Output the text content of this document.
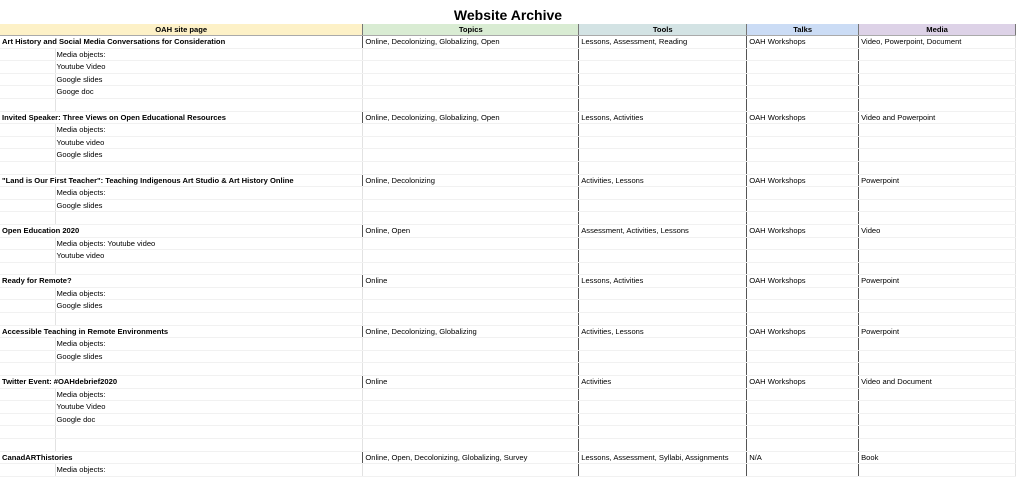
Website Archive
OAH site page		Topics	Tools	Talks	Media
Art History and Social Media Conversations for Consideration		Online, Decolonizing, Globalizing, Open	Lessons, Assessment, Reading	OAH Workshops	Video, Powerpoint, Document
	Media objects:				
	Youtube Video				
	Google slides				
	Googe doc				

Invited Speaker: Three Views on Open Educational Resources		Online, Decolonizing, Globalizing, Open	Lessons, Activities	OAH Workshops	Video and Powerpoint
	Media objects:				
	Youtube video				
	Google slides				

"Land is Our First Teacher": Teaching Indigenous Art Studio & Art History Online		Online, Decolonizing	Activities, Lessons	OAH Workshops	Powerpoint
	Media objects:				
	Google slides				

Open Education 2020		Online, Open	Assessment, Activities, Lessons	OAH Workshops	Video
	Media objects: Youtube video				
	Youtube video				

Ready for Remote?		Online	Lessons, Activities	OAH Workshops	Powerpoint
	Media objects:				
	Google slides				

Accessible Teaching in Remote Environments		Online, Decolonizing, Globalizing	Activities, Lessons	OAH Workshops	Powerpoint
	Media objects:				
	Google slides				

Twitter Event: #OAHdebrief2020		Online	Activities	OAH Workshops	Video and Document
	Media objects:				
	Youtube Video				
	Google doc				

CanadARThistories		Online, Open, Decolonizing, Globalizing, Survey	Lessons, Assessment, Syllabi, Assignments	N/A	Book
	Media objects:				
